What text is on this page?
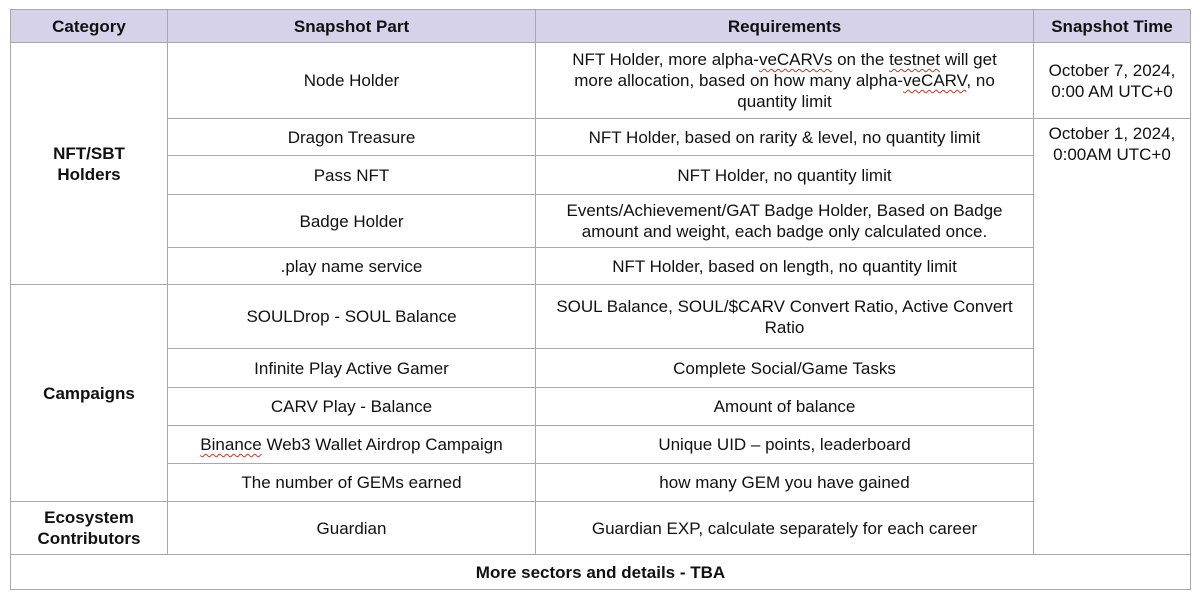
Category	Snapshot Part	Requirements	Snapshot Time
NFT/SBT Holders	Node Holder	NFT Holder, more alpha-veCARVs on the testnet will get more allocation, based on how many alpha-veCARV, no quantity limit	October 7, 2024, 0:00 AM UTC+0
	Dragon Treasure	NFT Holder, based on rarity & level, no quantity limit	October 1, 2024, 0:00AM UTC+0

	Pass NFT	NFT Holder, no quantity limit	
	Badge Holder	Events/Achievement/GAT Badge Holder, Based on Badge amount and weight, each badge only calculated once.	
	.play name service	NFT Holder, based on length, no quantity limit	
Campaigns	SOULDrop - SOUL Balance	SOUL Balance, SOUL/$CARV Convert Ratio, Active Convert Ratio	
	Infinite Play Active Gamer	Complete Social/Game Tasks	
	CARV Play - Balance	Amount of balance	
	Binance Web3 Wallet Airdrop Campaign	Unique UID – points, leaderboard	
	The number of GEMs earned	how many GEM you have gained	
Ecosystem Contributors	Guardian	Guardian EXP, calculate separately for each career	
More sectors and details - TBA			
